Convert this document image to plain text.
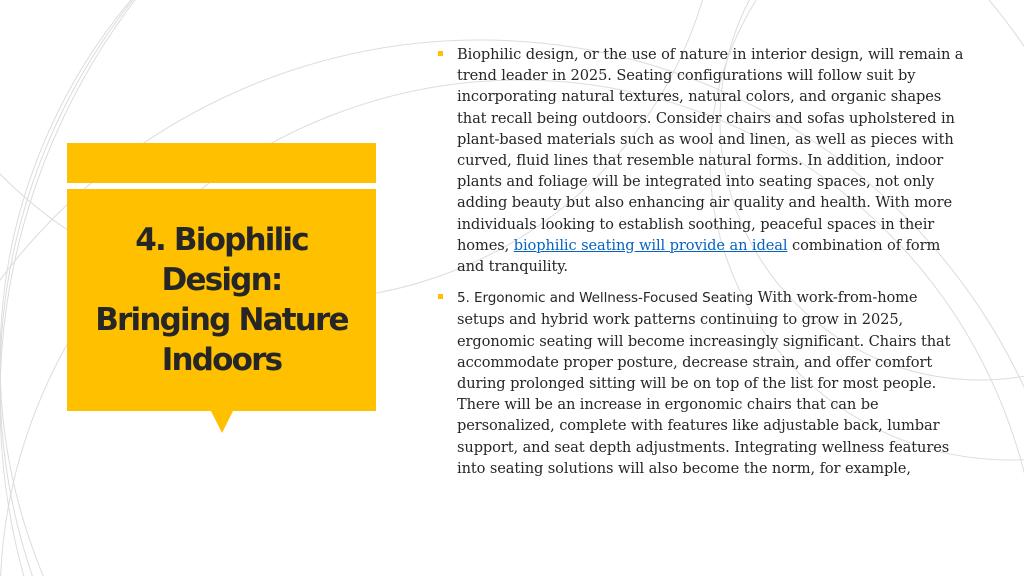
4. Biophilic Design: Bringing Nature Indoors

Biophilic design, or the use of nature in interior design, will remain a trend leader in 2025. Seating configurations will follow suit by incorporating natural textures, natural colors, and organic shapes that recall being outdoors. Consider chairs and sofas upholstered in plant-based materials such as wool and linen, as well as pieces with curved, fluid lines that resemble natural forms. In addition, indoor plants and foliage will be integrated into seating spaces, not only adding beauty but also enhancing air quality and health. With more individuals looking to establish soothing, peaceful spaces in their homes, biophilic seating will provide an ideal combination of form and tranquility.

5. Ergonomic and Wellness-Focused Seating With work-from-home setups and hybrid work patterns continuing to grow in 2025, ergonomic seating will become increasingly significant. Chairs that accommodate proper posture, decrease strain, and offer comfort during prolonged sitting will be on top of the list for most people. There will be an increase in ergonomic chairs that can be personalized, complete with features like adjustable back, lumbar support, and seat depth adjustments. Integrating wellness features into seating solutions will also become the norm, for example,
